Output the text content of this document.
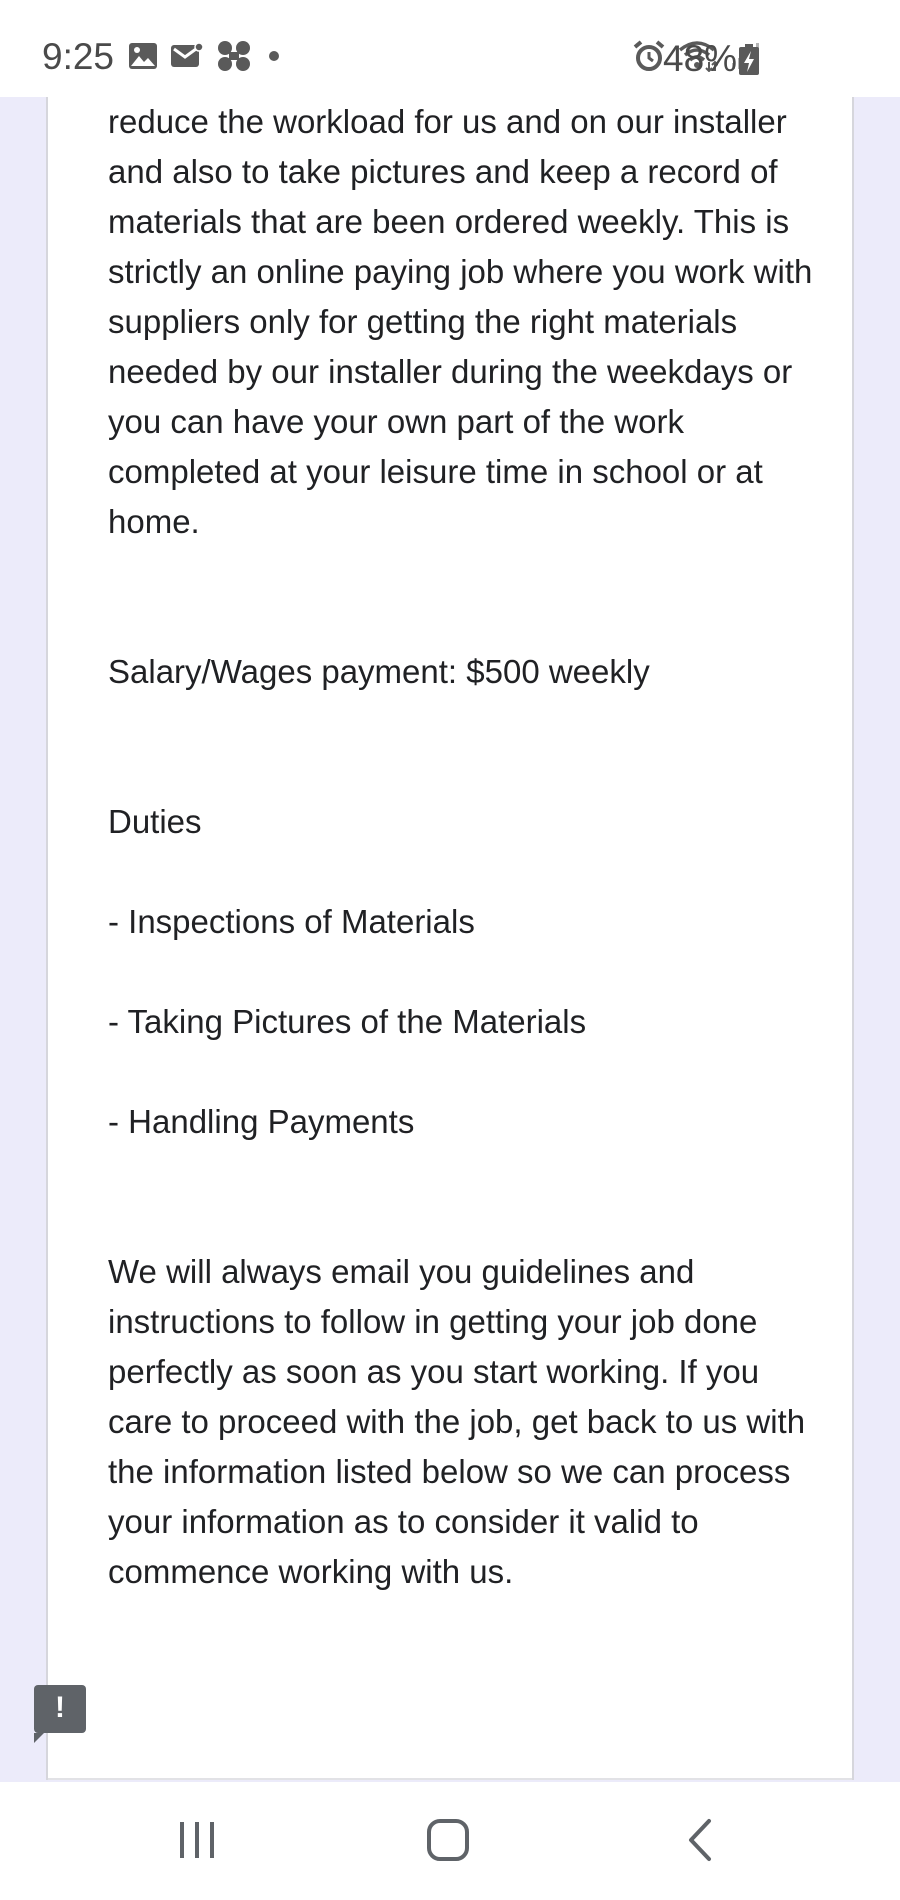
9:25	48%

reduce the workload for us and on our installer and also to take pictures and keep a record of materials that are been ordered weekly. This is strictly an online paying job where you work with suppliers only for getting the right materials needed by our installer during the weekdays or you can have your own part of the work completed at your leisure time in school or at home.

Salary/Wages payment: $500 weekly

Duties

- Inspections of Materials

- Taking Pictures of the Materials

- Handling Payments

We will always email you guidelines and instructions to follow in getting your job done perfectly as soon as you start working. If you care to proceed with the job, get back to us with the information listed below so we can process your information as to consider it valid to commence working with us.

!
